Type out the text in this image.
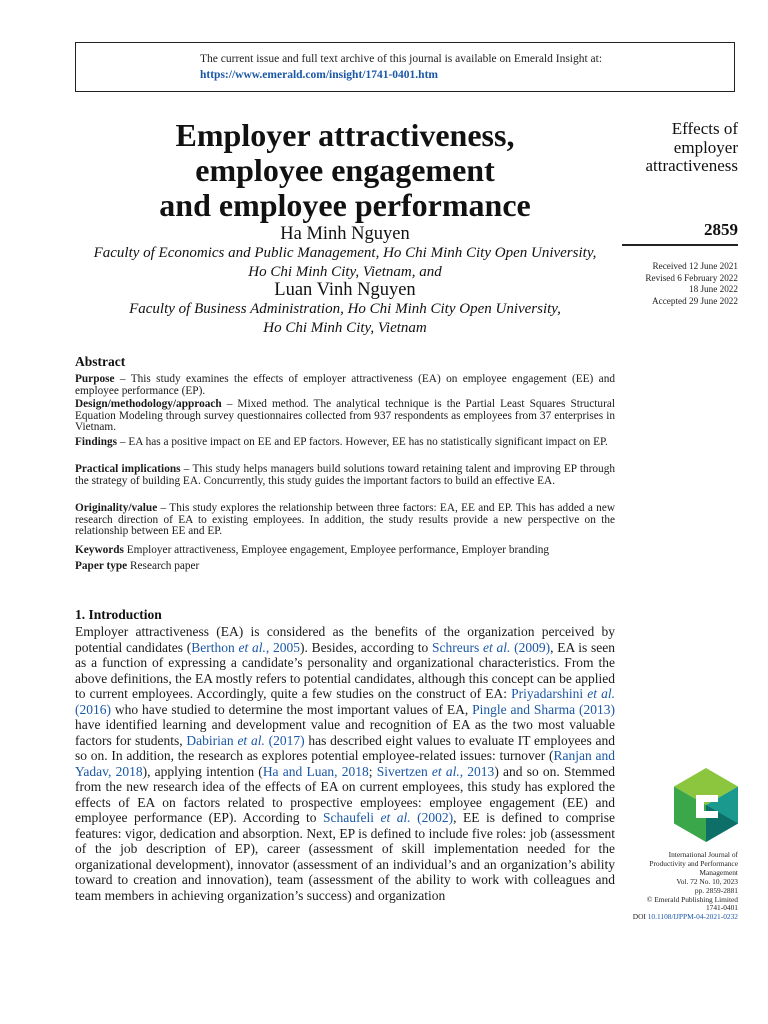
The current issue and full text archive of this journal is available on Emerald Insight at:
https://www.emerald.com/insight/1741-0401.htm
Employer attractiveness,
employee engagement
and employee performance
Ha Minh Nguyen
Faculty of Economics and Public Management, Ho Chi Minh City Open University,
Ho Chi Minh City, Vietnam, and
Luan Vinh Nguyen
Faculty of Business Administration, Ho Chi Minh City Open University,
Ho Chi Minh City, Vietnam
Effects of
employer
attractiveness
2859
Received 12 June 2021
Revised 6 February 2022
18 June 2022
Accepted 29 June 2022
Abstract
Purpose – This study examines the effects of employer attractiveness (EA) on employee engagement (EE) and employee performance (EP).
Design/methodology/approach – Mixed method. The analytical technique is the Partial Least Squares Structural Equation Modeling through survey questionnaires collected from 937 respondents as employees from 37 enterprises in Vietnam.
Findings – EA has a positive impact on EE and EP factors. However, EE has no statistically significant impact on EP.
Practical implications – This study helps managers build solutions toward retaining talent and improving EP through the strategy of building EA. Concurrently, this study guides the important factors to build an effective EA.
Originality/value – This study explores the relationship between three factors: EA, EE and EP. This has added a new research direction of EA to existing employees. In addition, the study results provide a new perspective on the relationship between EE and EP.
Keywords Employer attractiveness, Employee engagement, Employee performance, Employer branding
Paper type Research paper
1. Introduction
Employer attractiveness (EA) is considered as the benefits of the organization perceived by potential candidates (Berthon et al., 2005). Besides, according to Schreurs et al. (2009), EA is seen as a function of expressing a candidate’s personality and organizational characteristics. From the above definitions, the EA mostly refers to potential candidates, although this concept can be applied to current employees. Accordingly, quite a few studies on the construct of EA: Priyadarshini et al. (2016) who have studied to determine the most important values of EA, Pingle and Sharma (2013) have identified learning and development value and recognition of EA as the two most valuable factors for students, Dabirian et al. (2017) has described eight values to evaluate IT employees and so on. In addition, the research as explores potential employee-related issues: turnover (Ranjan and Yadav, 2018), applying intention (Ha and Luan, 2018; Sivertzen et al., 2013) and so on. Stemmed from the new research idea of the effects of EA on current employees, this study has explored the effects of EA on factors related to prospective employees: employee engagement (EE) and employee performance (EP). According to Schaufeli et al. (2002), EE is defined to comprise features: vigor, dedication and absorption. Next, EP is defined to include five roles: job (assessment of the job description of EP), career (assessment of skill implementation needed for the organizational development), innovator (assessment of an individual’s and an organization’s ability toward to creation and innovation), team (assessment of the ability to work with colleagues and team members in achieving organization’s success) and organization
International Journal of
Productivity and Performance
Management
Vol. 72 No. 10, 2023
pp. 2859-2881
© Emerald Publishing Limited
1741-0401
DOI 10.1108/IJPPM-04-2021-0232
